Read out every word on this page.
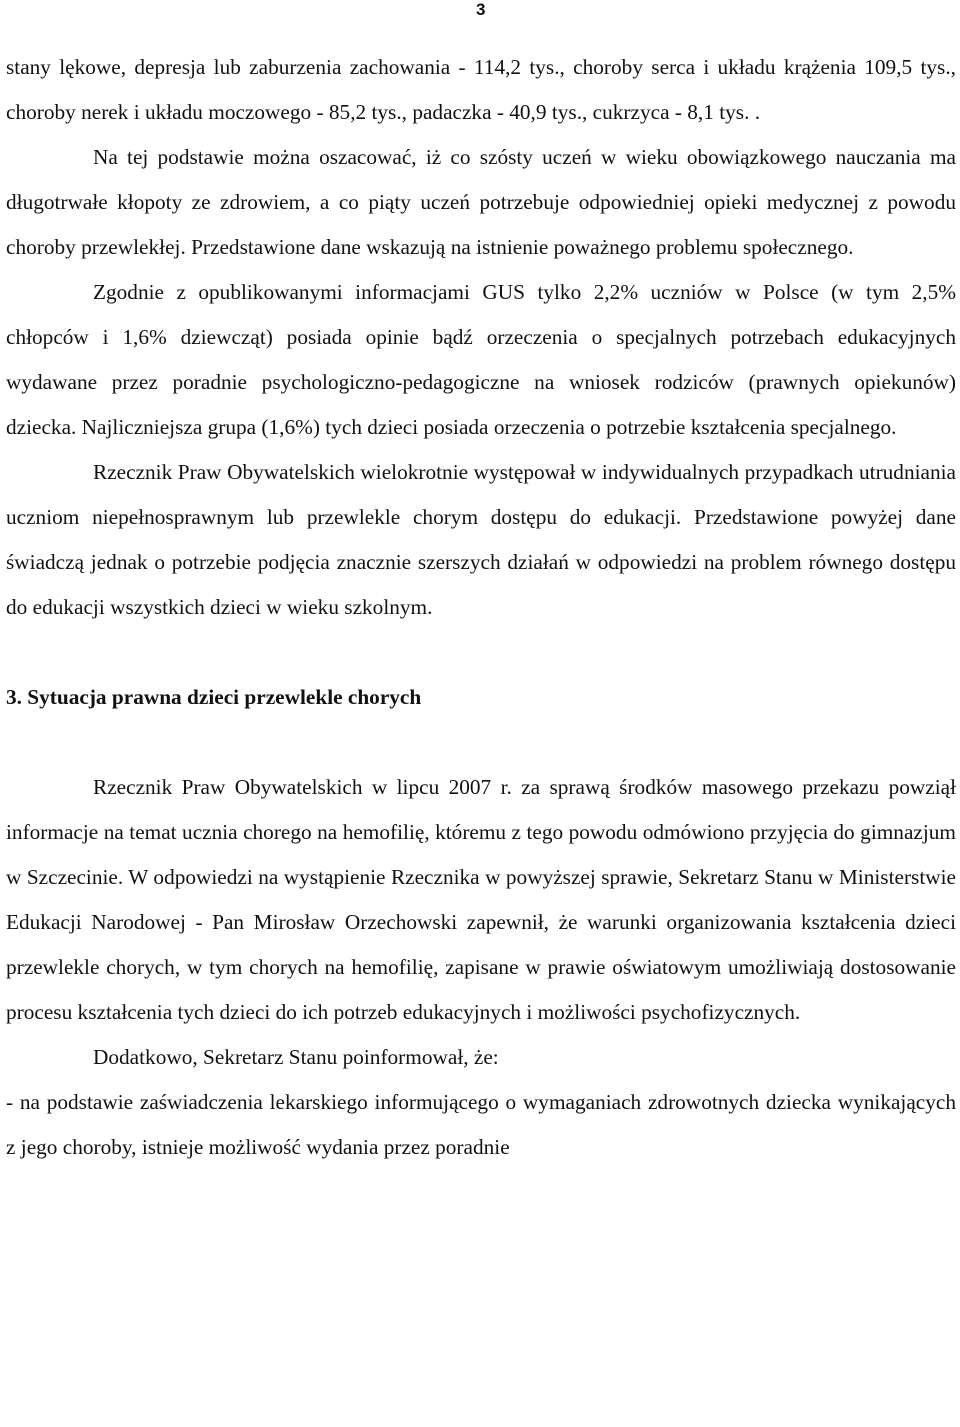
3

stany lękowe, depresja lub zaburzenia zachowania - 114,2 tys., choroby serca i układu krążenia 109,5 tys., choroby nerek i układu moczowego - 85,2 tys., padaczka - 40,9 tys., cukrzyca - 8,1 tys. .

Na tej podstawie można oszacować, iż co szósty uczeń w wieku obowiązkowego nauczania ma długotrwałe kłopoty ze zdrowiem, a co piąty uczeń potrzebuje odpowiedniej opieki medycznej z powodu choroby przewlekłej. Przedstawione dane wskazują na istnienie poważnego problemu społecznego.

Zgodnie z opublikowanymi informacjami GUS tylko 2,2% uczniów w Polsce (w tym 2,5% chłopców i 1,6% dziewcząt) posiada opinie bądź orzeczenia o specjalnych potrzebach edukacyjnych wydawane przez poradnie psychologiczno-pedagogiczne na wniosek rodziców (prawnych opiekunów) dziecka. Najliczniejsza grupa (1,6%) tych dzieci posiada orzeczenia o potrzebie kształcenia specjalnego.

Rzecznik Praw Obywatelskich wielokrotnie występował w indywidualnych przypadkach utrudniania uczniom niepełnosprawnym lub przewlekle chorym dostępu do edukacji. Przedstawione powyżej dane świadczą jednak o potrzebie podjęcia znacznie szerszych działań w odpowiedzi na problem równego dostępu do edukacji wszystkich dzieci w wieku szkolnym.

3. Sytuacja prawna dzieci przewlekle chorych

Rzecznik Praw Obywatelskich w lipcu 2007 r. za sprawą środków masowego przekazu powziął informacje na temat ucznia chorego na hemofilię, któremu z tego powodu odmówiono przyjęcia do gimnazjum w Szczecinie. W odpowiedzi na wystąpienie Rzecznika w powyższej sprawie, Sekretarz Stanu w Ministerstwie Edukacji Narodowej - Pan Mirosław Orzechowski zapewnił, że warunki organizowania kształcenia dzieci przewlekle chorych, w tym chorych na hemofilię, zapisane w prawie oświatowym umożliwiają dostosowanie procesu kształcenia tych dzieci do ich potrzeb edukacyjnych i możliwości psychofizycznych.

Dodatkowo, Sekretarz Stanu poinformował, że:

- na podstawie zaświadczenia lekarskiego informującego o wymaganiach zdrowotnych dziecka wynikających z jego choroby, istnieje możliwość wydania przez poradnie
